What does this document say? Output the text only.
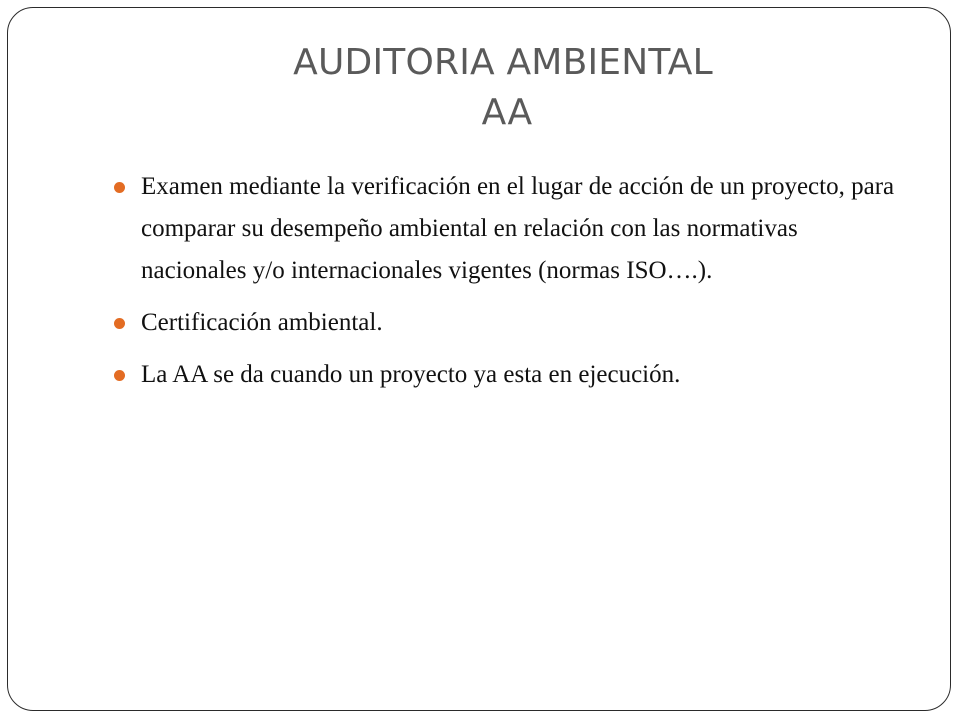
AUDITORIA AMBIENTAL
AA
Examen mediante la verificación en el lugar de acción de un proyecto, para comparar su desempeño ambiental en relación con las normativas nacionales y/o internacionales vigentes (normas ISO….).
Certificación ambiental.
La AA se da cuando un proyecto ya esta en ejecución.
